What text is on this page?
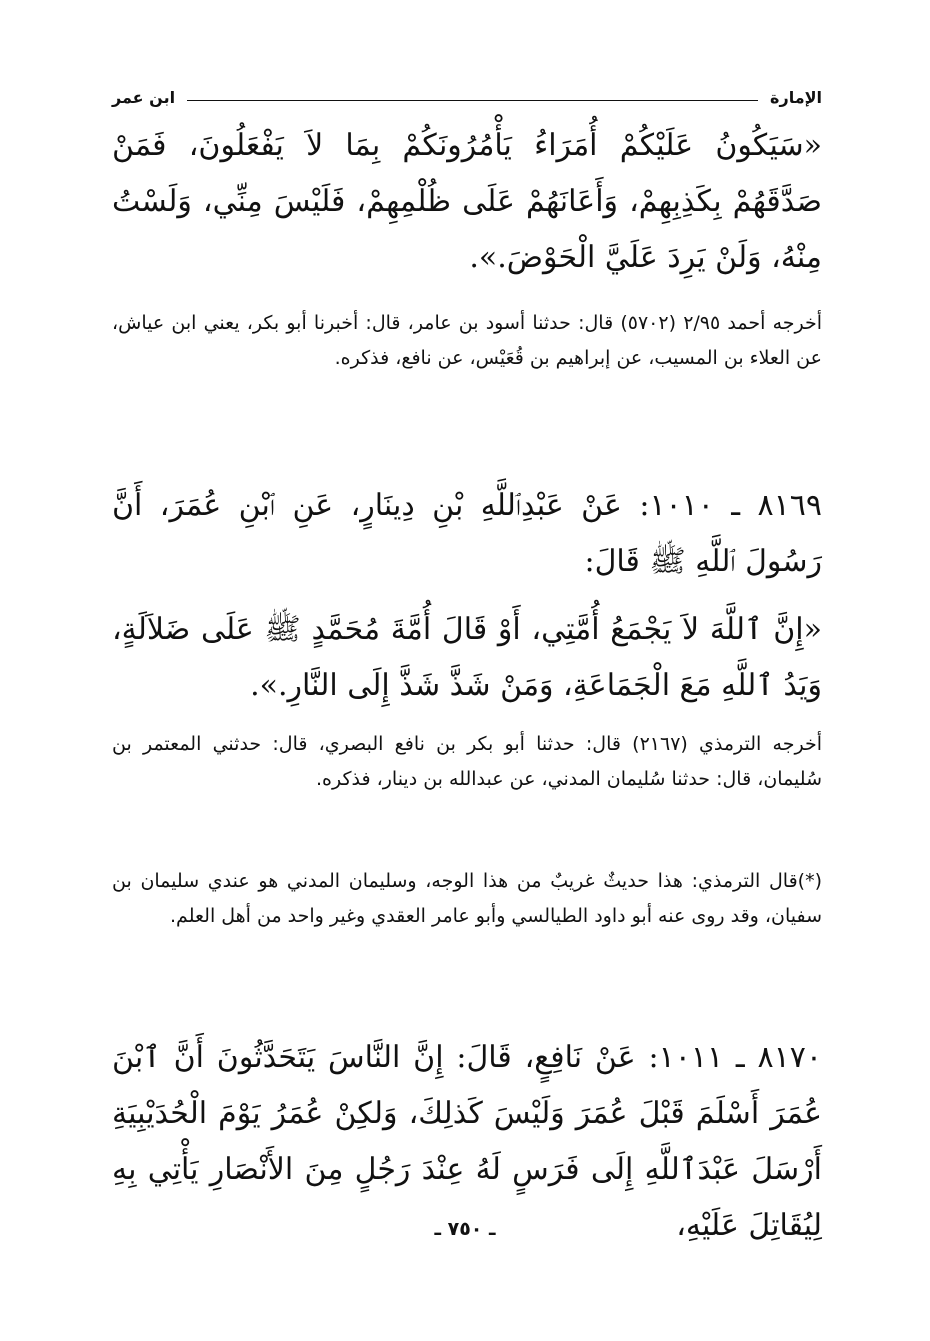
الإمارة
ابن عمر
«سَيَكُونُ عَلَيْكُمْ أُمَرَاءُ يَأْمُرُونَكُمْ بِمَا لاَ يَفْعَلُونَ، فَمَنْ صَدَّقَهُمْ بِكَذِبِهِمْ، وَأَعَانَهُمْ عَلَى ظُلْمِهِمْ، فَلَيْسَ مِنِّي، وَلَسْتُ مِنْهُ، وَلَنْ يَرِدَ عَلَيَّ الْحَوْضَ.».
أخرجه أحمد ٢/٩٥ (٥٧٠٢) قال: حدثنا أسود بن عامر، قال: أخبرنا أبو بكر، يعني ابن عياش، عن العلاء بن المسيب، عن إبراهيم بن قُعَيْس، عن نافع، فذكره.
٨١٦٩ ـ ١٠١٠: عَنْ عَبْدِٱللَّهِ بْنِ دِينَارٍ، عَنِ ٱبْنِ عُمَرَ، أَنَّ رَسُولَ ٱللَّهِ ﷺ قَالَ:
«إِنَّ ٱللَّهَ لاَ يَجْمَعُ أُمَّتِي، أَوْ قَالَ أُمَّةَ مُحَمَّدٍ ﷺ عَلَى ضَلاَلَةٍ، وَيَدُ ٱللَّهِ مَعَ الْجَمَاعَةِ، وَمَنْ شَذَّ شَذَّ إِلَى النَّارِ.».
أخرجه الترمذي (٢١٦٧) قال: حدثنا أبو بكر بن نافع البصري، قال: حدثني المعتمر بن سُليمان، قال: حدثنا سُليمان المدني، عن عبدالله بن دينار، فذكره.
(*)قال الترمذي: هذا حديثٌ غريبٌ من هذا الوجه، وسليمان المدني هو عندي سليمان بن سفيان، وقد روى عنه أبو داود الطيالسي وأبو عامر العقدي وغير واحد من أهل العلم.
٨١٧٠ ـ ١٠١١: عَنْ نَافِعٍ، قَالَ: إِنَّ النَّاسَ يَتَحَدَّثُونَ أَنَّ ٱبْنَ عُمَرَ أَسْلَمَ قَبْلَ عُمَرَ وَلَيْسَ كَذلِكَ، وَلكِنْ عُمَرُ يَوْمَ الْحُدَيْبِيَةِ أَرْسَلَ عَبْدَٱللَّهِ إِلَى فَرَسٍ لَهُ عِنْدَ رَجُلٍ مِنَ الأَنْصَارِ يَأْتِي بِهِ لِيُقَاتِلَ عَلَيْهِ،
ـ ٧٥٠ ـ
